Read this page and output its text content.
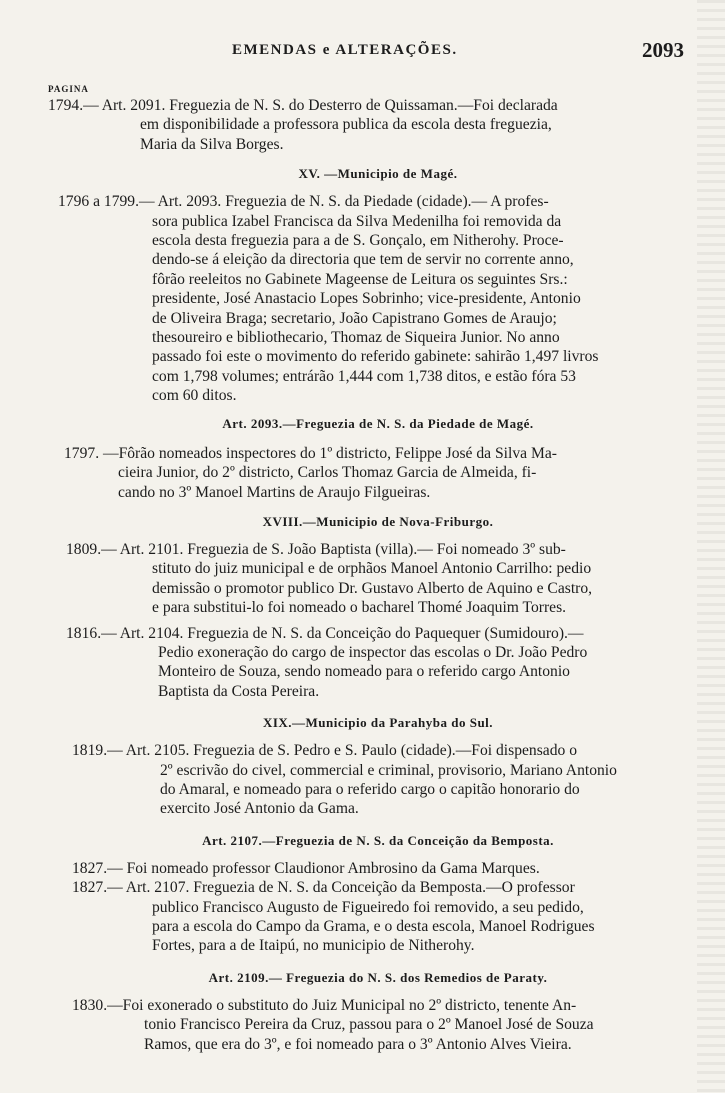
EMENDAS e ALTERAÇÕES.	2093
PAGINA
1794.— Art. 2091. Freguezia de N. S. do Desterro de Quissaman.—Foi declarada
em disponibilidade a professora publica da escola desta freguezia,
Maria da Silva Borges.
XV. —Municipio de Magé.
1796 a 1799.— Art. 2093. Freguezia de N. S. da Piedade (cidade).— A profes-
sora publica Izabel Francisca da Silva Medenilha foi removida da
escola desta freguezia para a de S. Gonçalo, em Nitherohy. Proce-
dendo-se á eleição da directoria que tem de servir no corrente anno,
fôrão reeleitos no Gabinete Mageense de Leitura os seguintes Srs.:
presidente, José Anastacio Lopes Sobrinho; vice-presidente, Antonio
de Oliveira Braga; secretario, João Capistrano Gomes de Araujo;
thesoureiro e bibliothecario, Thomaz de Siqueira Junior. No anno
passado foi este o movimento do referido gabinete: sahirão 1,497 livros
com 1,798 volumes; entrárão 1,444 com 1,738 ditos, e estão fóra 53
com 60 ditos.
Art. 2093.—Freguezia de N. S. da Piedade de Magé.
1797. —Fôrão nomeados inspectores do 1º districto, Felippe José da Silva Ma-
cieira Junior, do 2º districto, Carlos Thomaz Garcia de Almeida, fi-
cando no 3º Manoel Martins de Araujo Filgueiras.
XVIII.—Municipio de Nova-Friburgo.
1809.— Art. 2101. Freguezia de S. João Baptista (villa).— Foi nomeado 3º sub-
stituto do juiz municipal e de orphãos Manoel Antonio Carrilho: pedio
demissão o promotor publico Dr. Gustavo Alberto de Aquino e Castro,
e para substitui-lo foi nomeado o bacharel Thomé Joaquim Torres.
1816.— Art. 2104. Freguezia de N. S. da Conceição do Paquequer (Sumidouro).—
Pedio exoneração do cargo de inspector das escolas o Dr. João Pedro
Monteiro de Souza, sendo nomeado para o referido cargo Antonio
Baptista da Costa Pereira.
XIX.—Municipio da Parahyba do Sul.
1819.— Art. 2105. Freguezia de S. Pedro e S. Paulo (cidade).—Foi dispensado o
2º escrivão do civel, commercial e criminal, provisorio, Mariano Antonio
do Amaral, e nomeado para o referido cargo o capitão honorario do
exercito José Antonio da Gama.
Art. 2107.—Freguezia de N. S. da Conceição da Bemposta.
1827.— Foi nomeado professor Claudionor Ambrosino da Gama Marques.
1827.— Art. 2107. Freguezia de N. S. da Conceição da Bemposta.—O professor
publico Francisco Augusto de Figueiredo foi removido, a seu pedido,
para a escola do Campo da Grama, e o desta escola, Manoel Rodrigues
Fortes, para a de Itaipú, no municipio de Nitherohy.
Art. 2109.— Freguezia do N. S. dos Remedios de Paraty.
1830.—Foi exonerado o substituto do Juiz Municipal no 2º districto, tenente An-
tonio Francisco Pereira da Cruz, passou para o 2º Manoel José de Souza
Ramos, que era do 3º, e foi nomeado para o 3º Antonio Alves Vieira.
